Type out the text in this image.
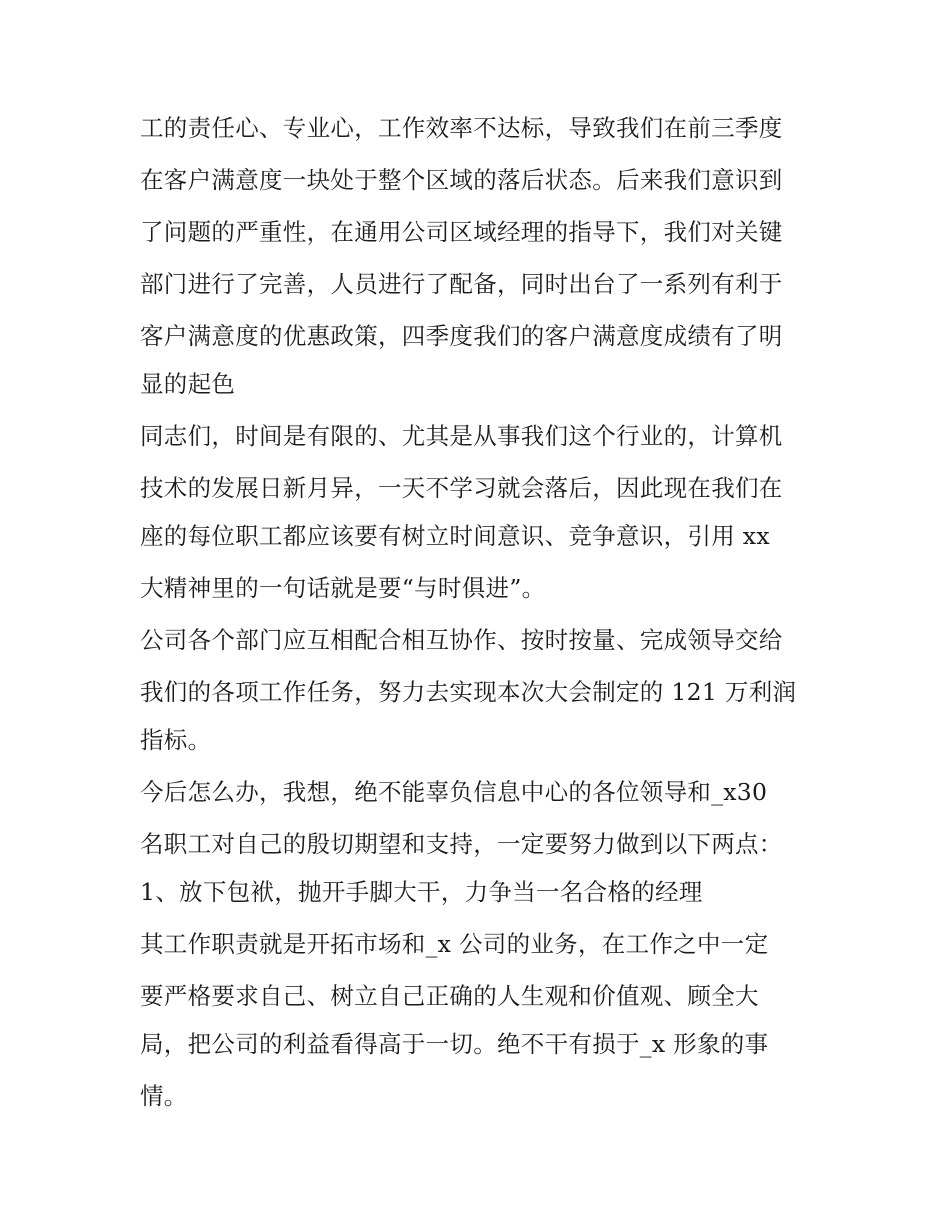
工的责任心、专业心，工作效率不达标，导致我们在前三季度
在客户满意度一块处于整个区域的落后状态。后来我们意识到
了问题的严重性，在通用公司区域经理的指导下，我们对关键
部门进行了完善，人员进行了配备，同时出台了一系列有利于
客户满意度的优惠政策，四季度我们的客户满意度成绩有了明
显的起色
同志们，时间是有限的、尤其是从事我们这个行业的，计算机
技术的发展日新月异，一天不学习就会落后，因此现在我们在
座的每位职工都应该要有树立时间意识、竞争意识，引用 xx
大精神里的一句话就是要“与时俱进”。
公司各个部门应互相配合相互协作、按时按量、完成领导交给
我们的各项工作任务，努力去实现本次大会制定的 121 万利润
指标。
今后怎么办，我想，绝不能辜负信息中心的各位领导和_x30
名职工对自己的殷切期望和支持，一定要努力做到以下两点：
1、放下包袱，抛开手脚大干，力争当一名合格的经理
其工作职责就是开拓市场和_x 公司的业务，在工作之中一定
要严格要求自己、树立自己正确的人生观和价值观、顾全大
局，把公司的利益看得高于一切。绝不干有损于_x 形象的事
情。
